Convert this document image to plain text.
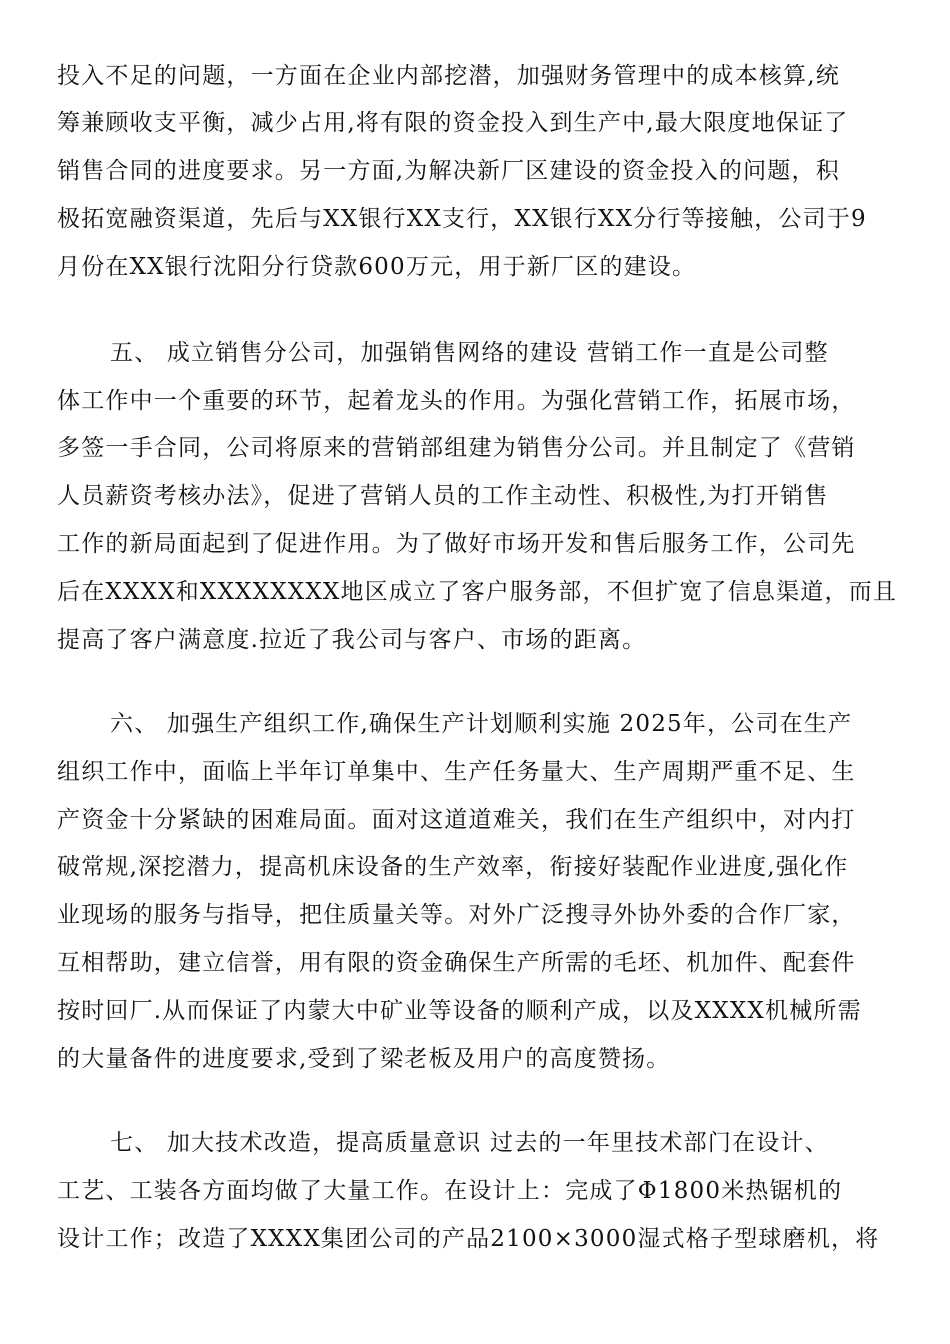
投入不足的问题，一方面在企业内部挖潜，加强财务管理中的成本核算,统
筹兼顾收支平衡，减少占用,将有限的资金投入到生产中,最大限度地保证了
销售合同的进度要求。另一方面,为解决新厂区建设的资金投入的问题，积
极拓宽融资渠道，先后与XX银行XX支行，XX银行XX分行等接触，公司于9
月份在XX银行沈阳分行贷款600万元，用于新厂区的建设。
五、 成立销售分公司，加强销售网络的建设 营销工作一直是公司整
体工作中一个重要的环节，起着龙头的作用。为强化营销工作，拓展市场，
多签一手合同，公司将原来的营销部组建为销售分公司。并且制定了《营销
人员薪资考核办法》，促进了营销人员的工作主动性、积极性,为打开销售
工作的新局面起到了促进作用。为了做好市场开发和售后服务工作，公司先
后在XXXX和XXXXXXXX地区成立了客户服务部，不但扩宽了信息渠道，而且
提高了客户满意度.拉近了我公司与客户、市场的距离。
六、 加强生产组织工作,确保生产计划顺利实施 2025年，公司在生产
组织工作中，面临上半年订单集中、生产任务量大、生产周期严重不足、生
产资金十分紧缺的困难局面。面对这道道难关，我们在生产组织中，对内打
破常规,深挖潜力，提高机床设备的生产效率，衔接好装配作业进度,强化作
业现场的服务与指导，把住质量关等。对外广泛搜寻外协外委的合作厂家，
互相帮助，建立信誉，用有限的资金确保生产所需的毛坯、机加件、配套件
按时回厂.从而保证了内蒙大中矿业等设备的顺利产成，以及XXXX机械所需
的大量备件的进度要求,受到了梁老板及用户的高度赞扬。
七、 加大技术改造，提高质量意识 过去的一年里技术部门在设计、
工艺、工装各方面均做了大量工作。在设计上：完成了Φ1800米热锯机的
设计工作；改造了XXXX集团公司的产品2100×3000湿式格子型球磨机，将
